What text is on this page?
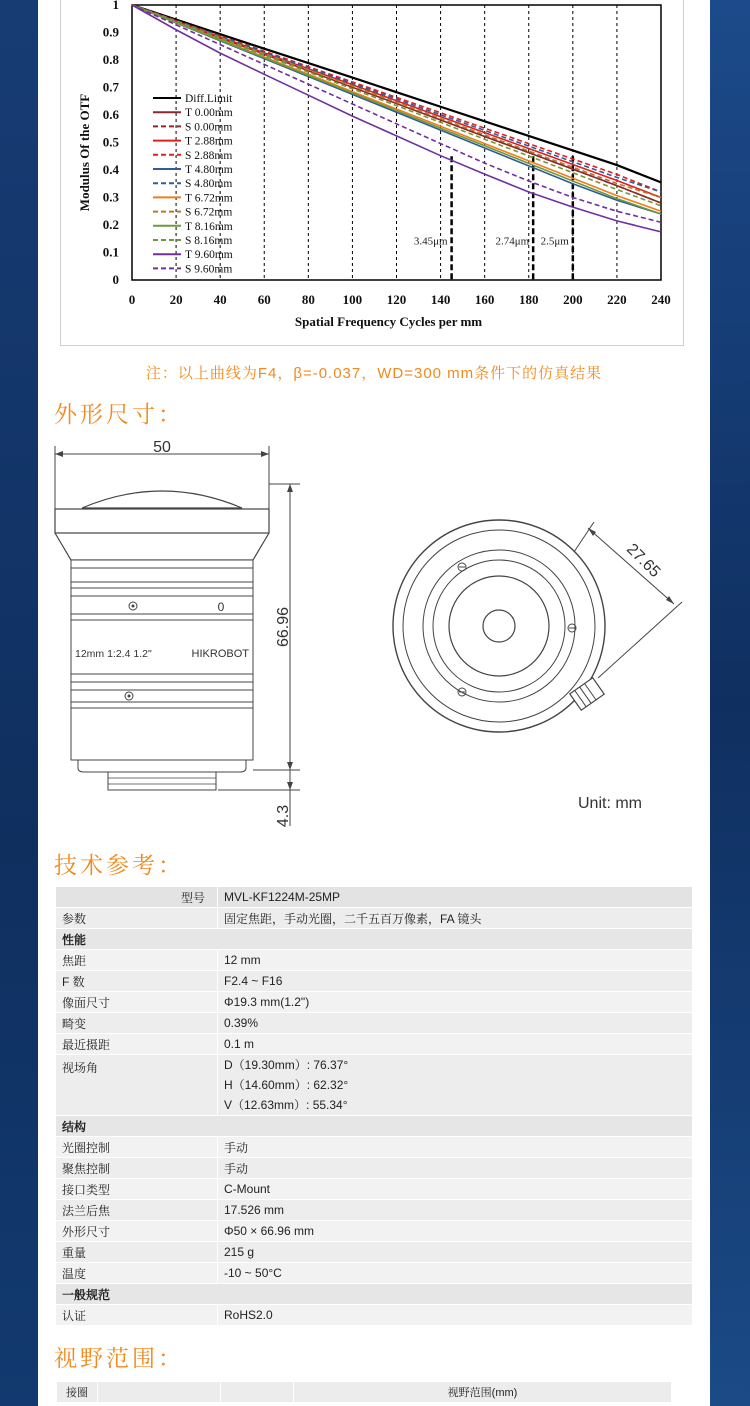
0	20 40 60 80 100 120 140 160 180 200 220 240
0
0.1
0.2
0.3
0.4
0.5
0.6
0.7
0.8
0.9
1
Spatial Frequency Cycles per mm
Modulus Of the OTF
3.45μm	2.74μm 2.5μm
Diff.Limit
T 0.00mm
S 0.00mm
T 2.88mm
S 2.88mm
T 4.80mm
S 4.80mm
T 6.72mm
S 6.72mm
T 8.16mm
S 8.16mm
T 9.60mm
S 9.60mm
注：以上曲线为F4，β=-0.037，WD=300 mm条件下的仿真结果
外形尺寸：
50
0
12mm 1:2.4 1.2"	HIKROBOT
66.96
4.3
27.65
Unit: mm
技术参考：
型号	MVL-KF1224M-25MP
参数	固定焦距，手动光圈，二千五百万像素，FA 镜头
性能	
焦距	12 mm
F 数	F2.4 ~ F16
像面尺寸	Φ19.3 mm(1.2")
畸变	0.39%
最近摄距	0.1 m
视场角	D（19.30mm）: 76.37°
H（14.60mm）: 62.32°
V（12.63mm）: 55.34°

结构	
光圈控制	手动
聚焦控制	手动
接口类型	C-Mount
法兰后焦	17.526 mm
外形尺寸	Φ50 × 66.96 mm
重量	215 g
温度	-10 ~ 50°C
一般规范	
认证	RoHS2.0
视野范围：
接圈			视野范围(mm)
